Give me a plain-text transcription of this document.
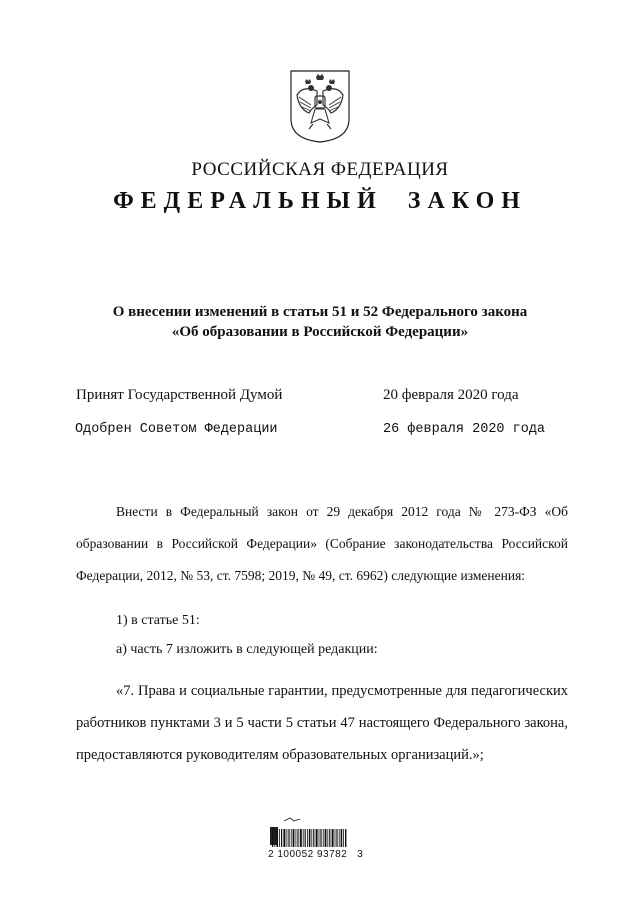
РОССИЙСКАЯ ФЕДЕРАЦИЯ
ФЕДЕРАЛЬНЫЙ ЗАКОН
О внесении изменений в статьи 51 и 52 Федерального закона
«Об образовании в Российской Федерации»
Принят Государственной Думой	20 февраля 2020 года
Одобрен Советом Федерации	26 февраля 2020 года
Внести в Федеральный закон от 29 декабря 2012 года № 273-ФЗ «Об образовании в Российской Федерации» (Собрание законодательства Российской Федерации, 2012, № 53, ст. 7598; 2019, № 49, ст. 6962) следующие изменения:
1) в статье 51:
а) часть 7 изложить в следующей редакции:
«7. Права и социальные гарантии, предусмотренные для педагогических работников пунктами 3 и 5 части 5 статьи 47 настоящего Федерального закона, предоставляются руководителям образовательных организаций.»;
2 100052 93782   3
